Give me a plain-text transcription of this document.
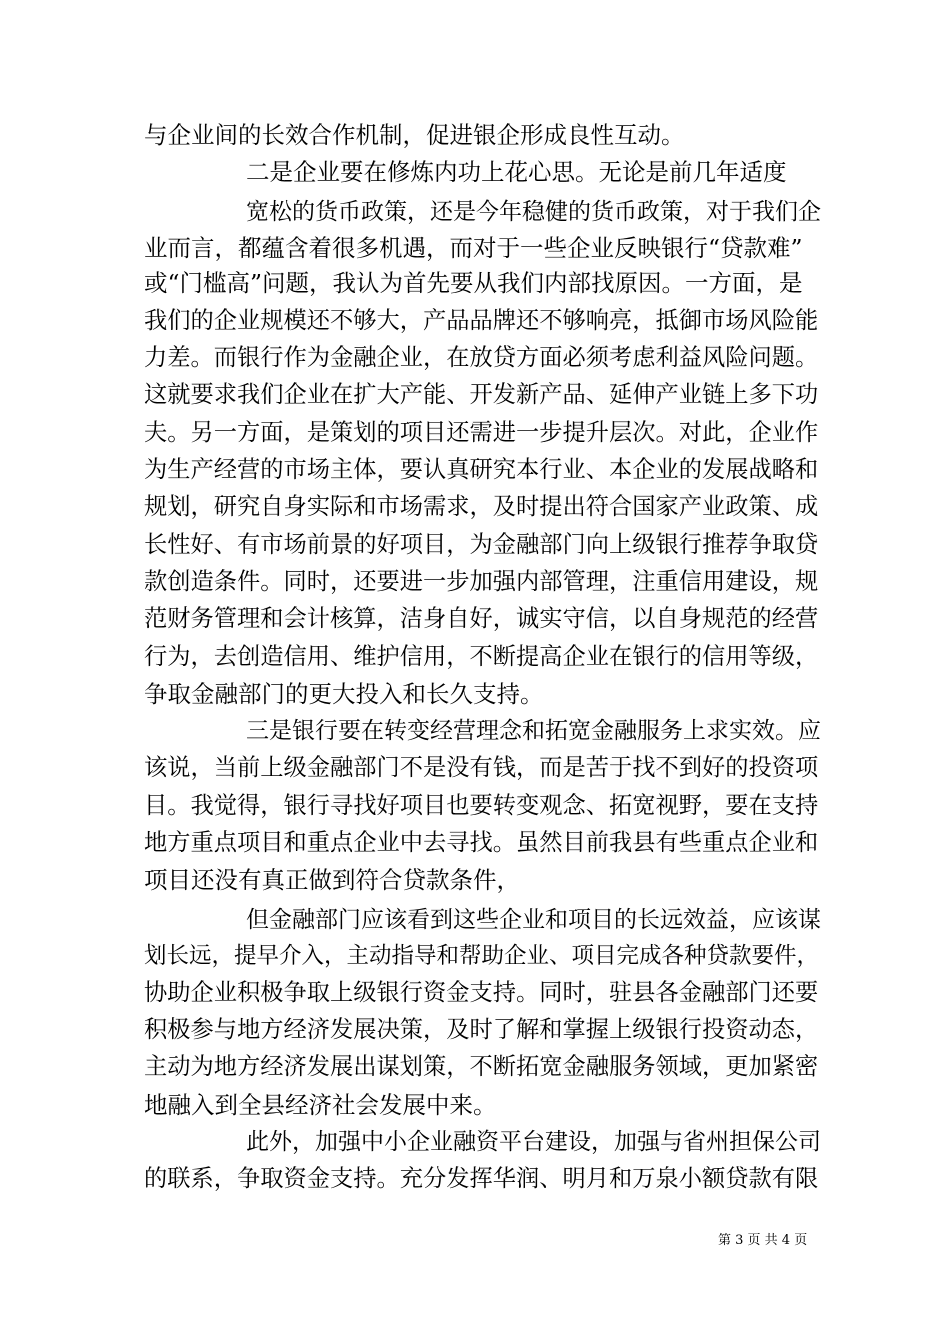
与企业间的长效合作机制，促进银企形成良性互动。
二是企业要在修炼内功上花心思。无论是前几年适度
宽松的货币政策，还是今年稳健的货币政策，对于我们企
业而言，都蕴含着很多机遇，而对于一些企业反映银行“贷款难”
或“门槛高”问题，我认为首先要从我们内部找原因。一方面，是
我们的企业规模还不够大，产品品牌还不够响亮，抵御市场风险能
力差。而银行作为金融企业，在放贷方面必须考虑利益风险问题。
这就要求我们企业在扩大产能、开发新产品、延伸产业链上多下功
夫。另一方面，是策划的项目还需进一步提升层次。对此，企业作
为生产经营的市场主体，要认真研究本行业、本企业的发展战略和
规划，研究自身实际和市场需求，及时提出符合国家产业政策、成
长性好、有市场前景的好项目，为金融部门向上级银行推荐争取贷
款创造条件。同时，还要进一步加强内部管理，注重信用建设，规
范财务管理和会计核算，洁身自好，诚实守信，以自身规范的经营
行为，去创造信用、维护信用，不断提高企业在银行的信用等级，
争取金融部门的更大投入和长久支持。
三是银行要在转变经营理念和拓宽金融服务上求实效。应
该说，当前上级金融部门不是没有钱，而是苦于找不到好的投资项
目。我觉得，银行寻找好项目也要转变观念、拓宽视野，要在支持
地方重点项目和重点企业中去寻找。虽然目前我县有些重点企业和
项目还没有真正做到符合贷款条件，
但金融部门应该看到这些企业和项目的长远效益，应该谋
划长远，提早介入，主动指导和帮助企业、项目完成各种贷款要件，
协助企业积极争取上级银行资金支持。同时，驻县各金融部门还要
积极参与地方经济发展决策，及时了解和掌握上级银行投资动态，
主动为地方经济发展出谋划策，不断拓宽金融服务领域，更加紧密
地融入到全县经济社会发展中来。
此外，加强中小企业融资平台建设，加强与省州担保公司
的联系，争取资金支持。充分发挥华润、明月和万泉小额贷款有限
第 3 页 共 4 页
